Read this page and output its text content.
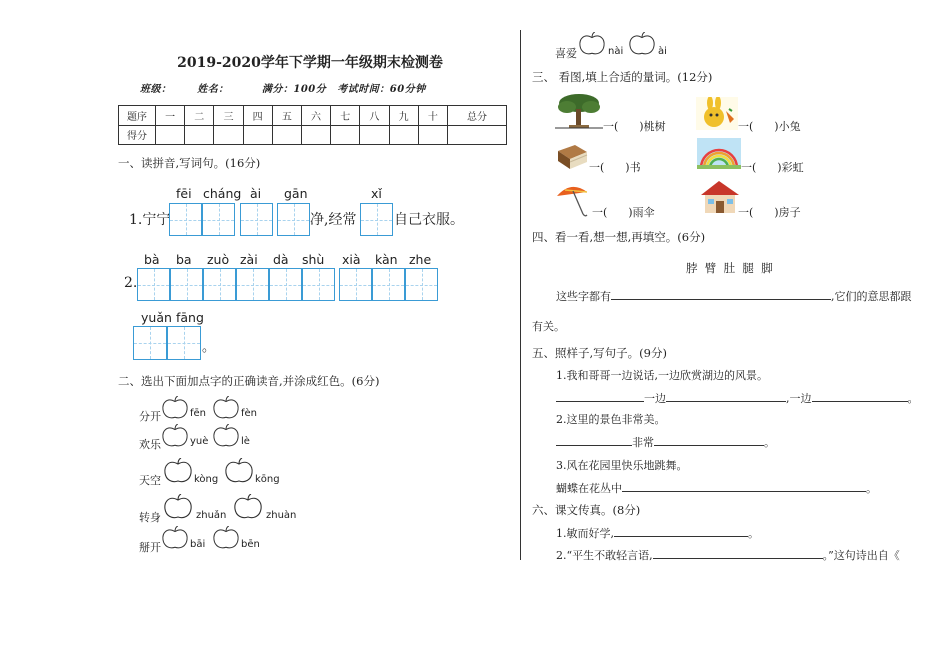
2019-2020学年下学期一年级期末检测卷
班级：	姓名：	满分：100分 考试时间：60分钟
题序	一	二	三	四	五	六	七	八	九	十	总分
得分											
一、读拼音,写词句。(16分)
fēi cháng ài gān	xǐ
1.宁宁	净,经常	自己衣服。
bà ba zuò zài dà shù xià kàn zhe
2.
yuǎn fāng
。
二、选出下面加点字的正确读音,并涂成红色。(6分)
分开	fēn	fèn
欢乐	yuè	lè
天空	kòng	kōng
转身	zhuǎn	zhuàn
掰开	bāi	bēn
喜爱	nài	ài
三、 看图,填上合适的量词。(12分)
一( )桃树	一( )小兔
一( )书	一( )彩虹
一( )雨伞	一( )房子
四、看一看,想一想,再填空。(6分)
脖  臂  肚  腿  脚
这些字都有	,它们的意思都跟
有关。
五、照样子,写句子。(9分)
1.我和哥哥一边说话,一边欣赏湖边的风景。
一边	,一边	。
2.这里的景色非常美。
非常	。
3.风在花园里快乐地跳舞。
蝴蝶在花丛中	。
六、课文传真。(8分)
1.敏而好学,	。
2.“平生不敢轻言语,	。”这句诗出自《
